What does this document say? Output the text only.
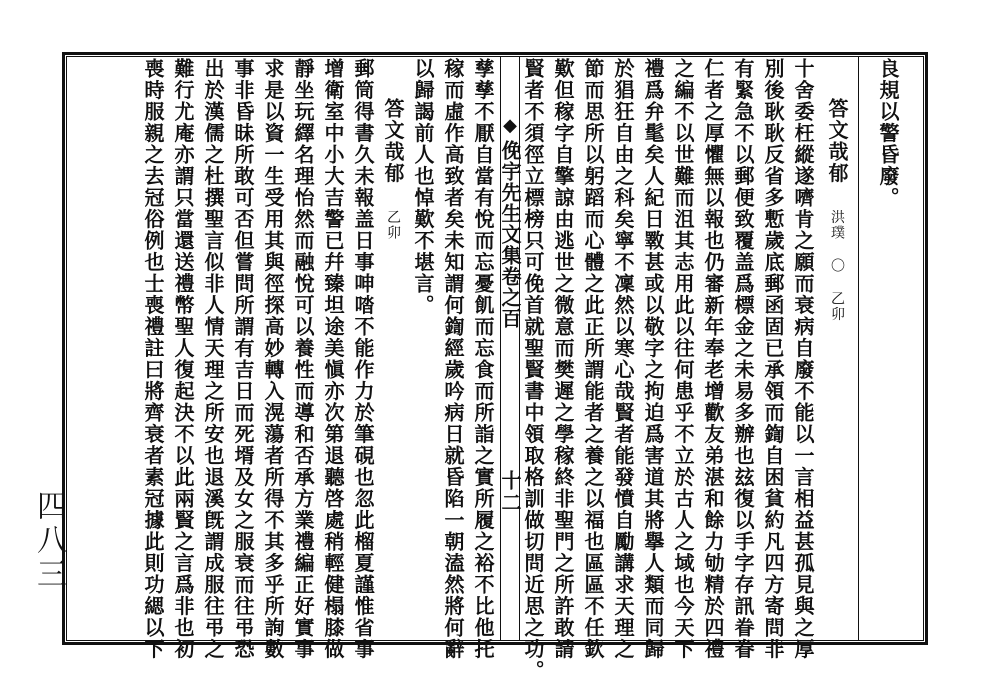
四八三
良規以警昏廢。
答文哉郁 洪璞 〇 乙卯
◆
俛宇先生文集卷之百
十二
答文哉郁 乙卯	十舍委枉縱遂嚌肯之願而衰病自廢不能以一言相益甚孤見與之厚
別後耿耿反省多慙歲底郵函固已承領而鍧自困貧約凡四方寄問非
有緊急不以郵便致覆盖爲標金之未易多辦也玆復以手字存訊眷眷
仁者之厚懼無以報也仍審新年奉老增歡友弟湛和餘力劬精於四禮
之編不以世難而沮其志用此以往何患乎不立於古人之域也今天下
禮爲弁髦矣人紀日斁甚或以敬字之拘迫爲害道其將擧人類而同歸
於猖狂自由之科矣寧不凜然以寒心哉賢者能發憤自勵講求天理之
節而思所以躬蹈而心體之此正所謂能者之養之以福也區區不任欽
歎但稼字自擎諒由逃世之微意而樊遲之學稼終非聖門之所許敢請
賢者不須徑立標榜只可俛首就聖賢書中領取格訓做切問近思之功。
孳孳不厭自當有悅而忘憂飢而忘食而所詣之實所履之裕不比他托
稼而虛作高致者矣未知謂何鍧經歲吟病日就昏陷一朝溘然將何辭
以歸謁前人也悼歎不堪言。
郵筒得書久未報盖日事呻𠴲不能作力於筆硯也忽此榴夏謹惟省事
增衛室中小大吉警已幷臻坦途美愼亦次第退聽啓處稍輕健榻膝做
靜坐玩繹名理怡然而融悅可以養性而導和否承方業禮編正好實事
求是以資一生受用其與徑探高妙轉入滉蕩者所得不其多乎所詢數
事非昏昧所敢可否但嘗問所謂有吉日而死壻及女之服衰而往弔恐
出於漢儒之杜撰聖言似非人情天理之所安也退溪旣謂成服往弔之
難行尤庵亦謂只當還送禮幣聖人復起決不以此兩賢之言爲非也初
喪時服親之去冠俗例也士喪禮註曰將齊衰者素冠據此則功緦以下
